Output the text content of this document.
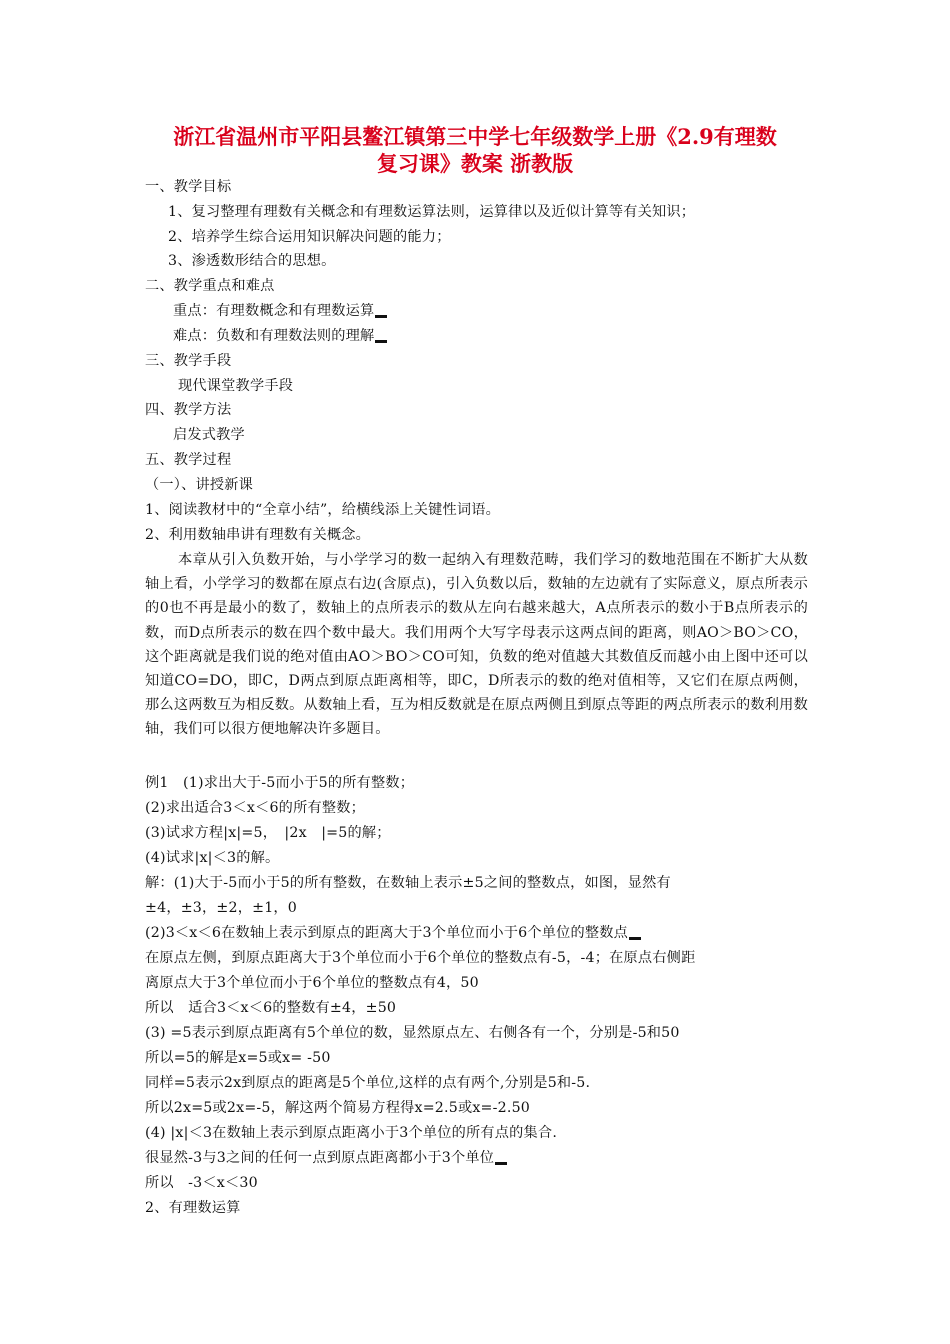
浙江省温州市平阳县鳌江镇第三中学七年级数学上册《2.9有理数
复习课》教案 浙教版
一、教学目标
1、复习整理有理数有关概念和有理数运算法则，运算律以及近似计算等有关知识；
2、培养学生综合运用知识解决问题的能力；
3、渗透数形结合的思想。
二、教学重点和难点
重点：有理数概念和有理数运算
难点：负数和有理数法则的理解
三、教学手段
现代课堂教学手段
四、教学方法
启发式教学
五、教学过程
（一）、讲授新课
1、阅读教材中的“全章小结”，给横线添上关键性词语。
2、利用数轴串讲有理数有关概念。
本章从引入负数开始，与小学学习的数一起纳入有理数范畴，我们学习的数地范围在不断扩大从数轴上看，小学学习的数都在原点右边(含原点)，引入负数以后，数轴的左边就有了实际意义，原点所表示的0也不再是最小的数了，数轴上的点所表示的数从左向右越来越大，A点所表示的数小于B点所表示的数，而D点所表示的数在四个数中最大。我们用两个大写字母表示这两点间的距离，则AO＞BO＞CO，这个距离就是我们说的绝对值由AO＞BO＞CO可知，负数的绝对值越大其数值反而越小由上图中还可以知道CO=DO，即C，D两点到原点距离相等，即C，D所表示的数的绝对值相等，又它们在原点两侧，那么这两数互为相反数。从数轴上看，互为相反数就是在原点两侧且到原点等距的两点所表示的数利用数轴，我们可以很方便地解决许多题目。
例1　(1)求出大于-5而小于5的所有整数；
(2)求出适合3＜x＜6的所有整数；
(3)试求方程|x|=5，　|2x　|=5的解；
(4)试求|x|＜3的解。
解：(1)大于-5而小于5的所有整数，在数轴上表示±5之间的整数点，如图，显然有
±4，±3，±2，±1，0
(2)3＜x＜6在数轴上表示到原点的距离大于3个单位而小于6个单位的整数点
在原点左侧，到原点距离大于3个单位而小于6个单位的整数点有-5，-4；在原点右侧距
离原点大于3个单位而小于6个单位的整数点有4，50
所以　适合3＜x＜6的整数有±4，±50
(3) =5表示到原点距离有5个单位的数，显然原点左、右侧各有一个，分别是-5和50
所以=5的解是x=5或x= -50
同样=5表示2x到原点的距离是5个单位,这样的点有两个,分别是5和-5.
所以2x=5或2x=-5，解这两个简易方程得x=2.5或x=-2.50
(4) |x|＜3在数轴上表示到原点距离小于3个单位的所有点的集合.
很显然-3与3之间的任何一点到原点距离都小于3个单位
所以　-3＜x＜30
2、有理数运算
